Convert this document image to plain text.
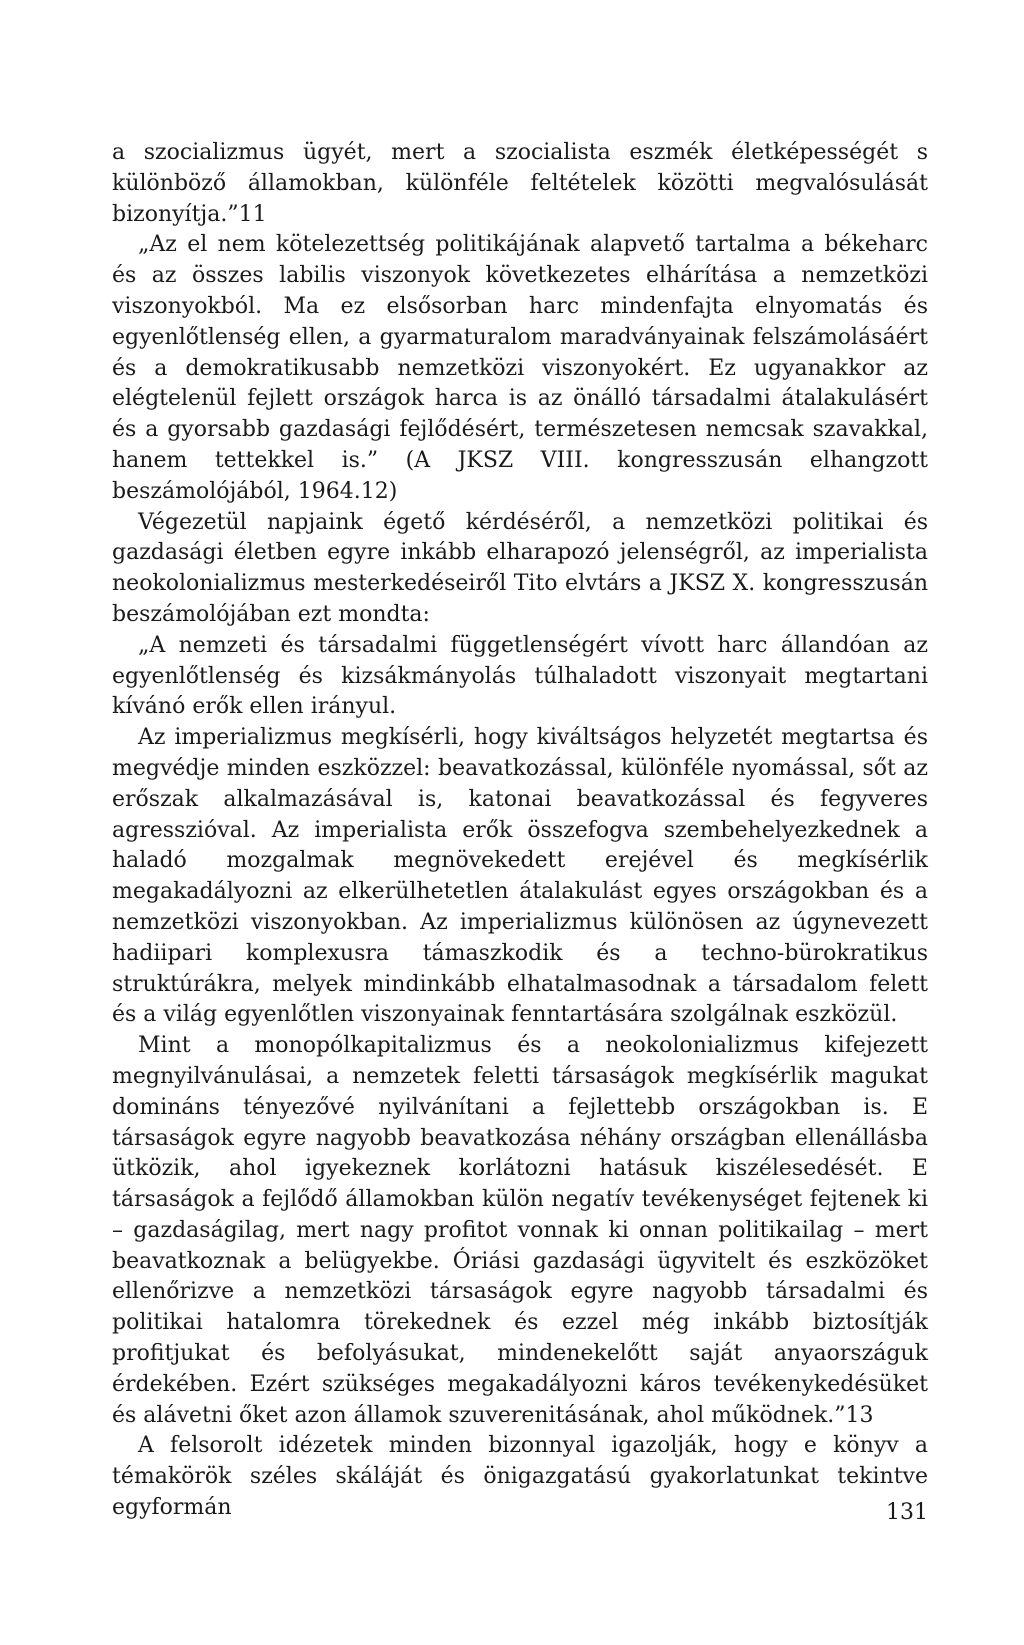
a szocializmus ügyét, mert a szocialista eszmék életképességét s különböző államokban, különféle feltételek közötti megvalósulását bizonyítja.”11

„Az el nem kötelezettség politikájának alapvető tartalma a békeharc és az összes labilis viszonyok következetes elhárítása a nemzetközi viszonyokból. Ma ez elsősorban harc mindenfajta elnyomatás és egyenlőtlenség ellen, a gyarmaturalom maradványainak felszámolásáért és a demokratikusabb nemzetközi viszonyokért. Ez ugyanakkor az elégtelenül fejlett országok harca is az önálló társadalmi átalakulásért és a gyorsabb gazdasági fejlődésért, természetesen nemcsak szavakkal, hanem tettekkel is.” (A JKSZ VIII. kongresszusán elhangzott beszámolójából, 1964.12)

Végezetül napjaink égető kérdéséről, a nemzetközi politikai és gazdasági életben egyre inkább elharapozó jelenségről, az imperialista neokolonializmus mesterkedéseiről Tito elvtárs a JKSZ X. kongresszusán beszámolójában ezt mondta:

„A nemzeti és társadalmi függetlenségért vívott harc állandóan az egyenlőtlenség és kizsákmányolás túlhaladott viszonyait megtartani kívánó erők ellen irányul.

Az imperializmus megkísérli, hogy kiváltságos helyzetét megtartsa és megvédje minden eszközzel: beavatkozással, különféle nyomással, sőt az erőszak alkalmazásával is, katonai beavatkozással és fegyveres agresszióval. Az imperialista erők összefogva szembehelyezkednek a haladó mozgalmak megnövekedett erejével és megkísérlik megakadályozni az elkerülhetetlen átalakulást egyes országokban és a nemzetközi viszonyokban. Az imperializmus különösen az úgynevezett hadiipari komplexusra támaszkodik és a techno-bürokratikus struktúrákra, melyek mindinkább elhatalmasodnak a társadalom felett és a világ egyenlőtlen viszonyainak fenntartására szolgálnak eszközül.

Mint a monopólkapitalizmus és a neokolonializmus kifejezett megnyilvánulásai, a nemzetek feletti társaságok megkísérlik magukat domináns tényezővé nyilvánítani a fejlettebb országokban is. E társaságok egyre nagyobb beavatkozása néhány országban ellenállásba ütközik, ahol igyekeznek korlátozni hatásuk kiszélesedését. E társaságok a fejlődő államokban külön negatív tevékenységet fejtenek ki – gazdaságilag, mert nagy profitot vonnak ki onnan politikailag – mert beavatkoznak a belügyekbe. Óriási gazdasági ügyvitelt és eszközöket ellenőrizve a nemzetközi társaságok egyre nagyobb társadalmi és politikai hatalomra törekednek és ezzel még inkább biztosítják profitjukat és befolyásukat, mindenekelőtt saját anyaországuk érdekében. Ezért szükséges megakadályozni káros tevékenykedésüket és alávetni őket azon államok szuverenitásának, ahol működnek.”13

A felsorolt idézetek minden bizonnyal igazolják, hogy e könyv a témakörök széles skáláját és önigazgatású gyakorlatunkat tekintve egyformán	131
